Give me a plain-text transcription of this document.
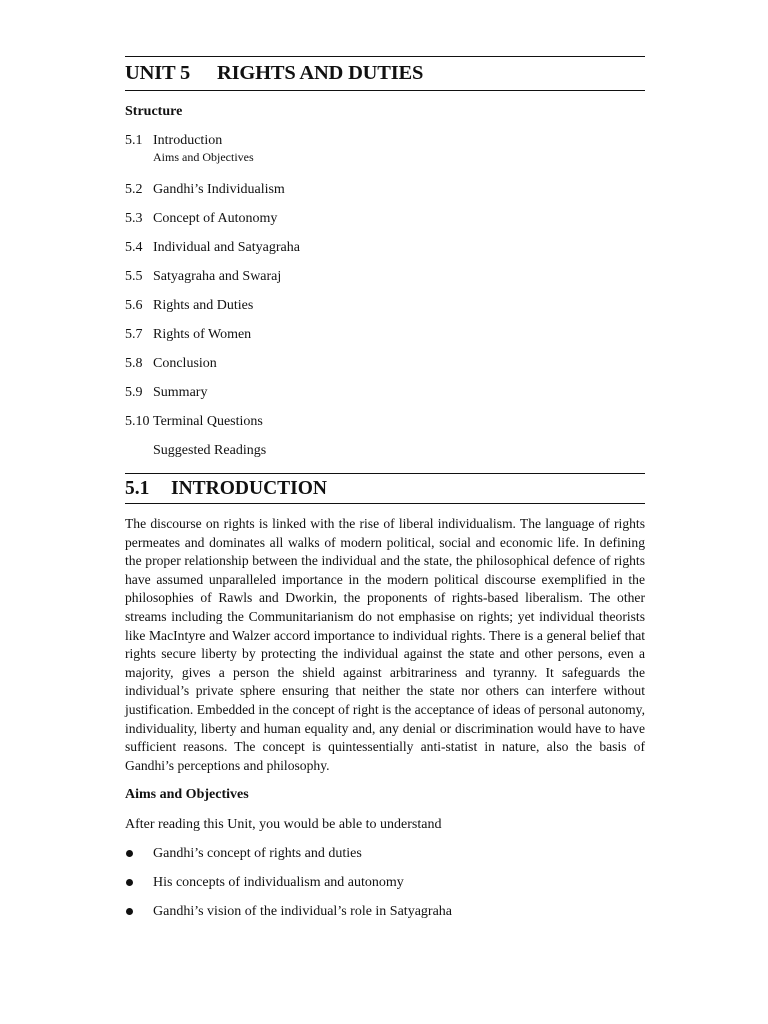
UNIT 5 RIGHTS AND DUTIES
Structure
5.1 Introduction
Aims and Objectives
5.2 Gandhi’s Individualism
5.3 Concept of Autonomy
5.4 Individual and Satyagraha
5.5 Satyagraha and Swaraj
5.6 Rights and Duties
5.7 Rights of Women
5.8 Conclusion
5.9 Summary
5.10 Terminal Questions
Suggested Readings
5.1 INTRODUCTION
The discourse on rights is linked with the rise of liberal individualism. The language of rights permeates and dominates all walks of modern political, social and economic life. In defining the proper relationship between the individual and the state, the philosophical defence of rights have assumed unparalleled importance in the modern political discourse exemplified in the philosophies of Rawls and Dworkin, the proponents of rights-based liberalism. The other streams including the Communitarianism do not emphasise on rights; yet individual theorists like MacIntyre and Walzer accord importance to individual rights. There is a general belief that rights secure liberty by protecting the individual against the state and other persons, even a majority, gives a person the shield against arbitrariness and tyranny. It safeguards the individual’s private sphere ensuring that neither the state nor others can interfere without justification. Embedded in the concept of right is the acceptance of ideas of personal autonomy, individuality, liberty and human equality and, any denial or discrimination would have to have sufficient reasons. The concept is quintessentially anti-statist in nature, also the basis of Gandhi’s perceptions and philosophy.
Aims and Objectives
After reading this Unit, you would be able to understand
Gandhi’s concept of rights and duties
His concepts of individualism and autonomy
Gandhi’s vision of the individual’s role in Satyagraha
